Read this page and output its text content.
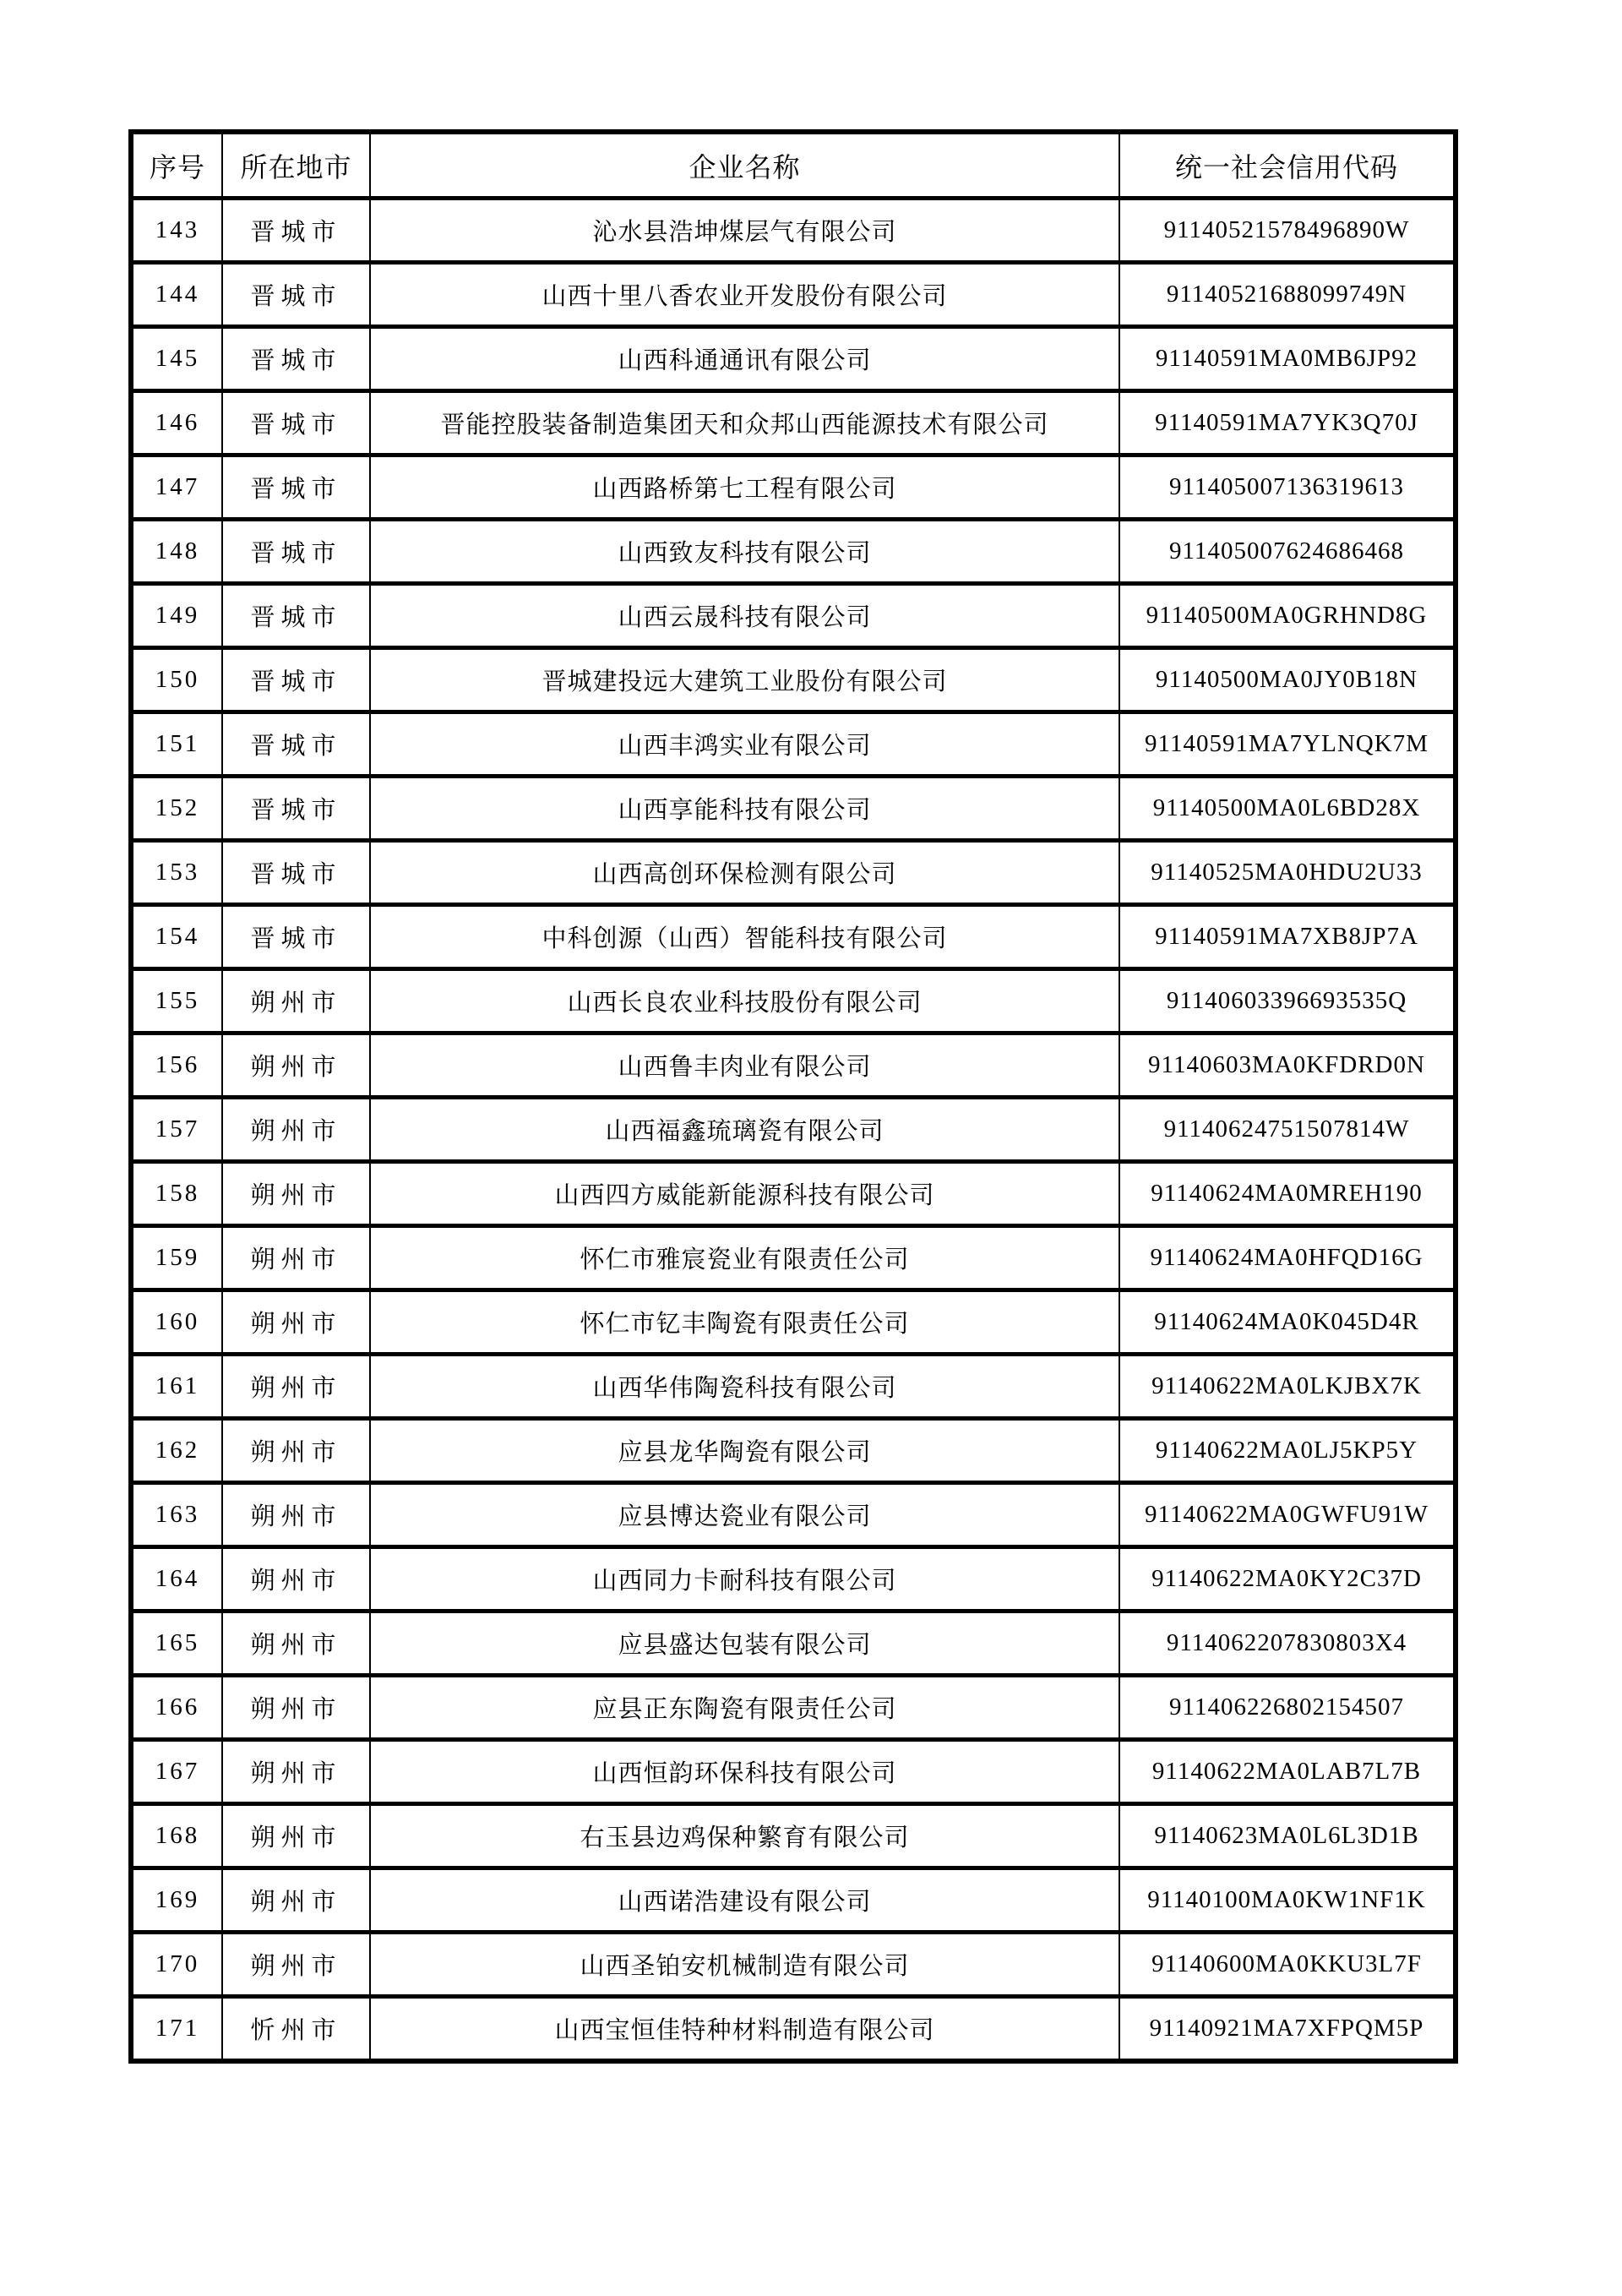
序号	所在地市	企业名称	统一社会信用代码
143	晋城市	沁水县浩坤煤层气有限公司	91140521578496890W
144	晋城市	山西十里八香农业开发股份有限公司	91140521688099749N
145	晋城市	山西科通通讯有限公司	91140591MA0MB6JP92
146	晋城市	晋能控股装备制造集团天和众邦山西能源技术有限公司	91140591MA7YK3Q70J
147	晋城市	山西路桥第七工程有限公司	911405007136319613
148	晋城市	山西致友科技有限公司	911405007624686468
149	晋城市	山西云晟科技有限公司	91140500MA0GRHND8G
150	晋城市	晋城建投远大建筑工业股份有限公司	91140500MA0JY0B18N
151	晋城市	山西丰鸿实业有限公司	91140591MA7YLNQK7M
152	晋城市	山西享能科技有限公司	91140500MA0L6BD28X
153	晋城市	山西高创环保检测有限公司	91140525MA0HDU2U33
154	晋城市	中科创源（山西）智能科技有限公司	91140591MA7XB8JP7A
155	朔州市	山西长良农业科技股份有限公司	91140603396693535Q
156	朔州市	山西鲁丰肉业有限公司	91140603MA0KFDRD0N
157	朔州市	山西福鑫琉璃瓷有限公司	91140624751507814W
158	朔州市	山西四方威能新能源科技有限公司	91140624MA0MREH190
159	朔州市	怀仁市雅宸瓷业有限责任公司	91140624MA0HFQD16G
160	朔州市	怀仁市钇丰陶瓷有限责任公司	91140624MA0K045D4R
161	朔州市	山西华伟陶瓷科技有限公司	91140622MA0LKJBX7K
162	朔州市	应县龙华陶瓷有限公司	91140622MA0LJ5KP5Y
163	朔州市	应县博达瓷业有限公司	91140622MA0GWFU91W
164	朔州市	山西同力卡耐科技有限公司	91140622MA0KY2C37D
165	朔州市	应县盛达包装有限公司	9114062207830803X4
166	朔州市	应县正东陶瓷有限责任公司	911406226802154507
167	朔州市	山西恒韵环保科技有限公司	91140622MA0LAB7L7B
168	朔州市	右玉县边鸡保种繁育有限公司	91140623MA0L6L3D1B
169	朔州市	山西诺浩建设有限公司	91140100MA0KW1NF1K
170	朔州市	山西圣铂安机械制造有限公司	91140600MA0KKU3L7F
171	忻州市	山西宝恒佳特种材料制造有限公司	91140921MA7XFPQM5P
